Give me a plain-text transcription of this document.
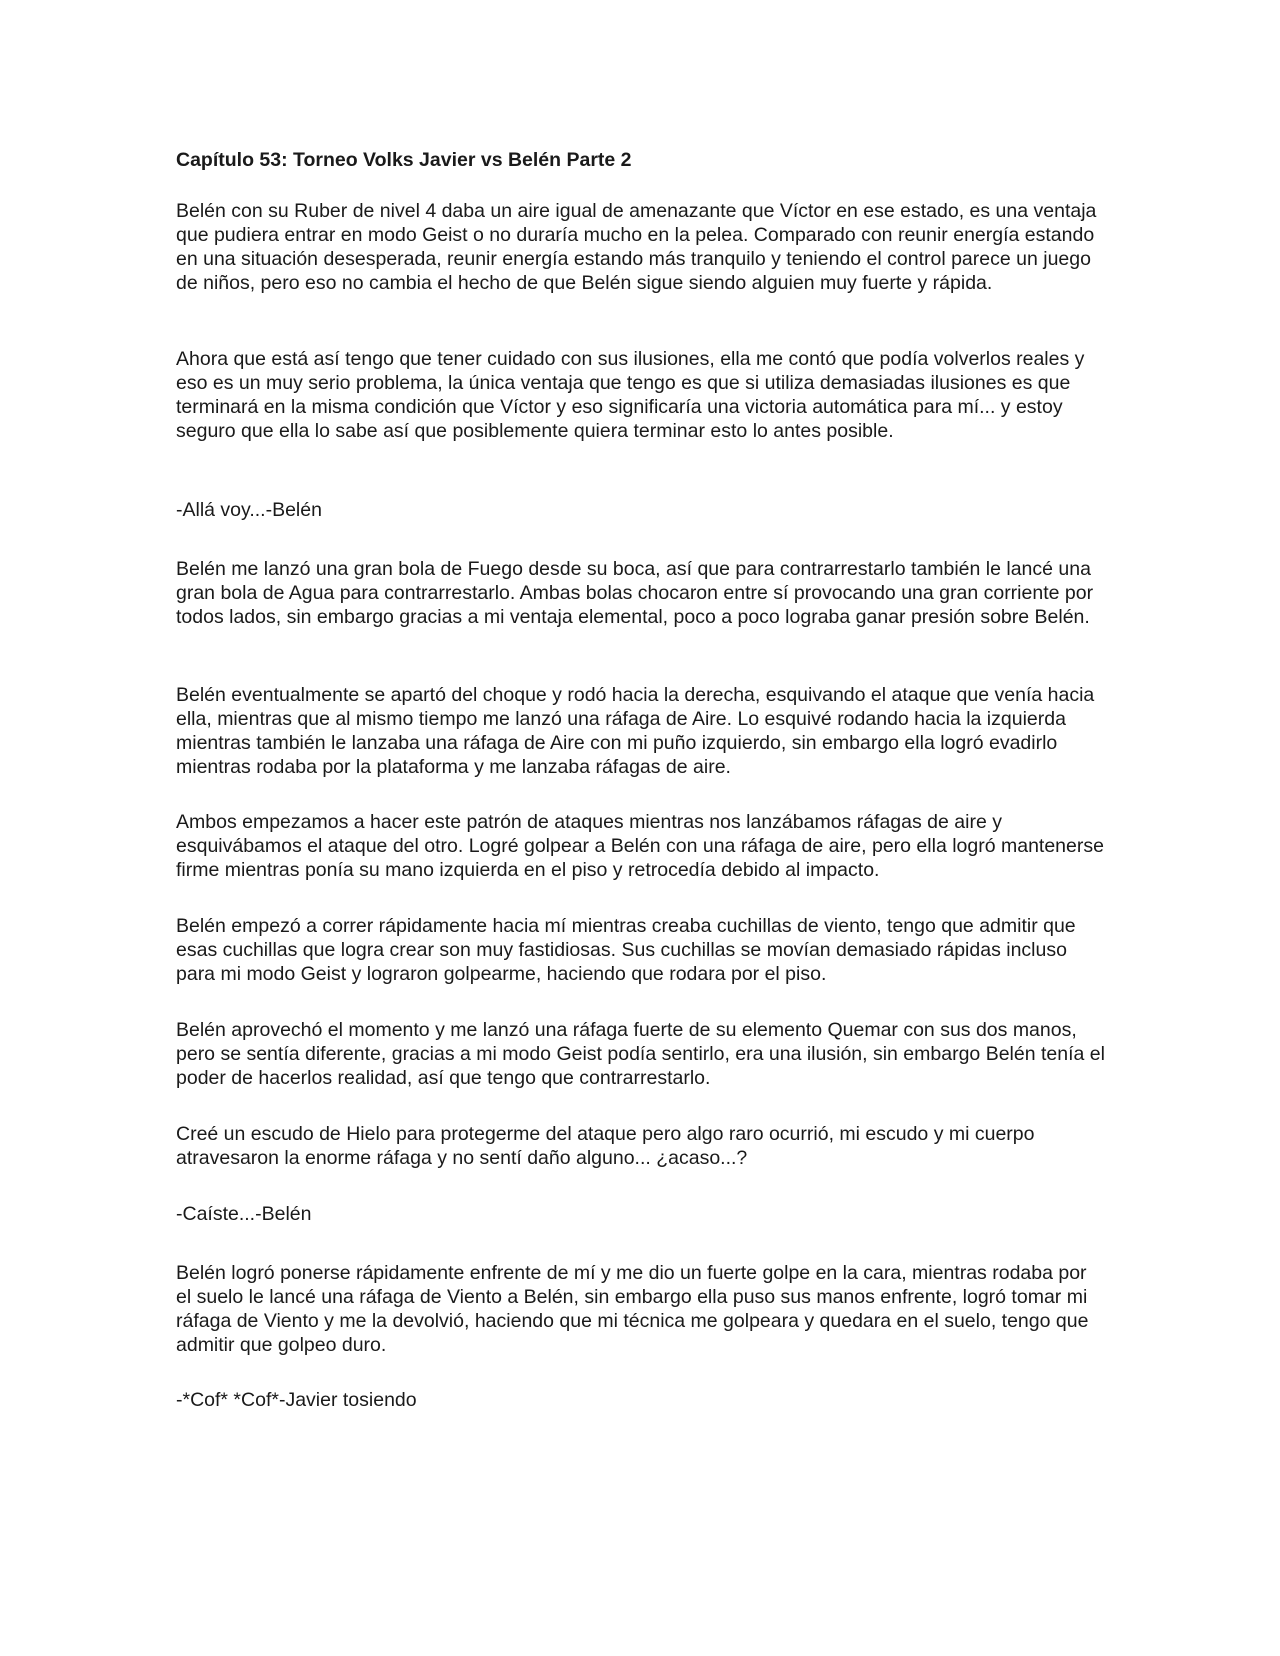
Capítulo 53: Torneo Volks Javier vs Belén Parte 2

Belén con su Ruber de nivel 4 daba un aire igual de amenazante que Víctor en ese estado, es una ventaja que pudiera entrar en modo Geist o no duraría mucho en la pelea. Comparado con reunir energía estando en una situación desesperada, reunir energía estando más tranquilo y teniendo el control parece un juego de niños, pero eso no cambia el hecho de que Belén sigue siendo alguien muy fuerte y rápida.

Ahora que está así tengo que tener cuidado con sus ilusiones, ella me contó que podía volverlos reales y eso es un muy serio problema, la única ventaja que tengo es que si utiliza demasiadas ilusiones es que terminará en la misma condición que Víctor y eso significaría una victoria automática para mí... y estoy seguro que ella lo sabe así que posiblemente quiera terminar esto lo antes posible.

-Allá voy...-Belén

Belén me lanzó una gran bola de Fuego desde su boca, así que para contrarrestarlo también le lancé una gran bola de Agua para contrarrestarlo. Ambas bolas chocaron entre sí provocando una gran corriente por todos lados, sin embargo gracias a mi ventaja elemental, poco a poco lograba ganar presión sobre Belén.

Belén eventualmente se apartó del choque y rodó hacia la derecha, esquivando el ataque que venía hacia ella, mientras que al mismo tiempo me lanzó una ráfaga de Aire. Lo esquivé rodando hacia la izquierda mientras también le lanzaba una ráfaga de Aire con mi puño izquierdo, sin embargo ella logró evadirlo mientras rodaba por la plataforma y me lanzaba ráfagas de aire.

Ambos empezamos a hacer este patrón de ataques mientras nos lanzábamos ráfagas de aire y esquivábamos el ataque del otro. Logré golpear a Belén con una ráfaga de aire, pero ella logró mantenerse firme mientras ponía su mano izquierda en el piso y retrocedía debido al impacto.

Belén empezó a correr rápidamente hacia mí mientras creaba cuchillas de viento, tengo que admitir que esas cuchillas que logra crear son muy fastidiosas. Sus cuchillas se movían demasiado rápidas incluso para mi modo Geist y lograron golpearme, haciendo que rodara por el piso.

Belén aprovechó el momento y me lanzó una ráfaga fuerte de su elemento Quemar con sus dos manos, pero se sentía diferente, gracias a mi modo Geist podía sentirlo, era una ilusión, sin embargo Belén tenía el poder de hacerlos realidad, así que tengo que contrarrestarlo.

Creé un escudo de Hielo para protegerme del ataque pero algo raro ocurrió, mi escudo y mi cuerpo atravesaron la enorme ráfaga y no sentí daño alguno... ¿acaso...?

-Caíste...-Belén

Belén logró ponerse rápidamente enfrente de mí y me dio un fuerte golpe en la cara, mientras rodaba por el suelo le lancé una ráfaga de Viento a Belén, sin embargo ella puso sus manos enfrente, logró tomar mi ráfaga de Viento y me la devolvió, haciendo que mi técnica me golpeara y quedara en el suelo, tengo que admitir que golpeo duro.

-*Cof* *Cof*-Javier tosiendo
